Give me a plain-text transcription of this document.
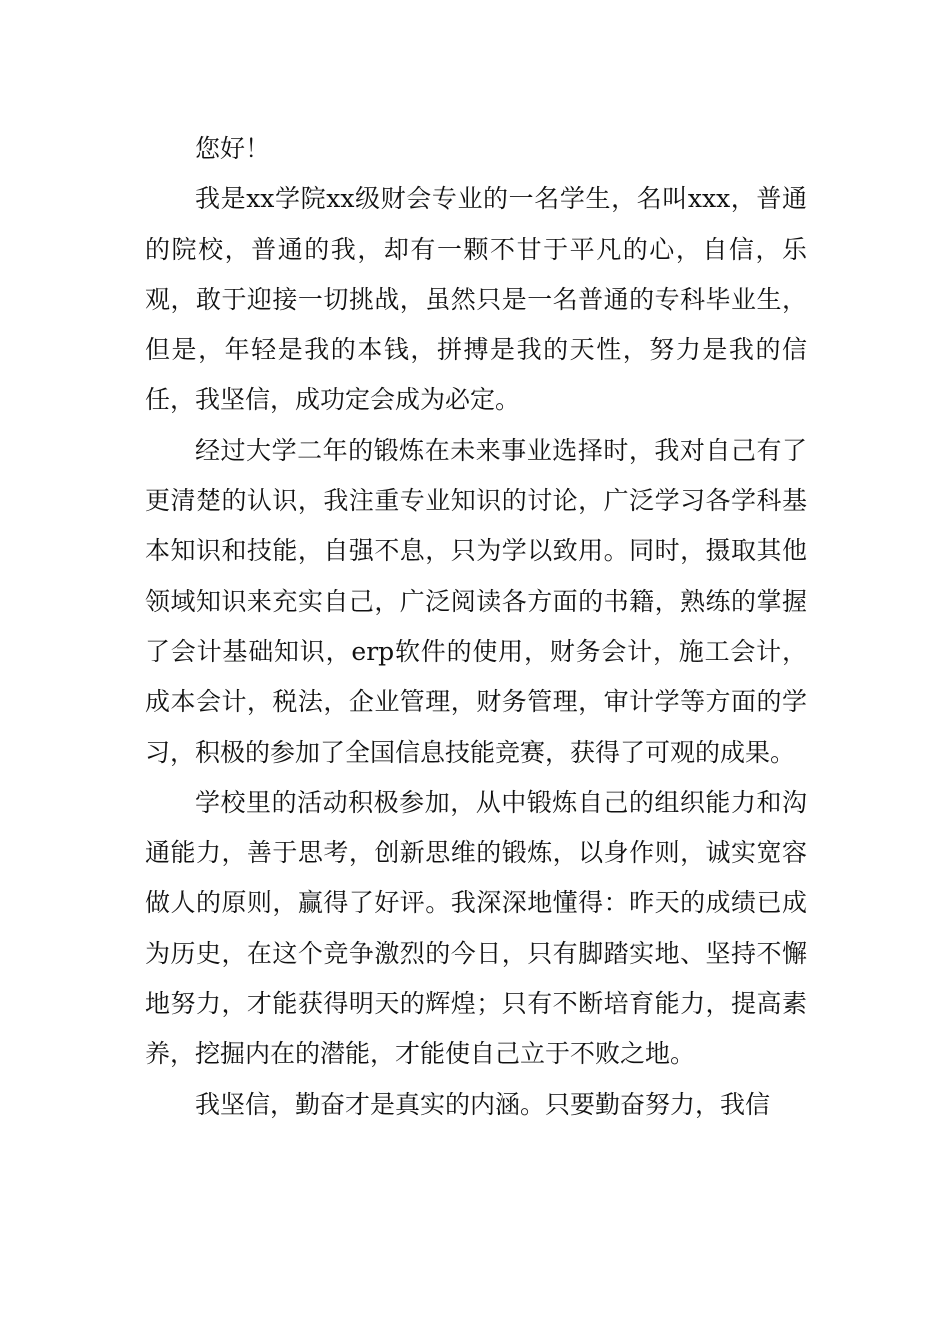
您好！

我是xx学院xx级财会专业的一名学生，名叫xxx，普通的院校，普通的我，却有一颗不甘于平凡的心，自信，乐观，敢于迎接一切挑战，虽然只是一名普通的专科毕业生，但是，年轻是我的本钱，拼搏是我的天性，努力是我的信任，我坚信，成功定会成为必定。

经过大学二年的锻炼在未来事业选择时，我对自己有了更清楚的认识，我注重专业知识的讨论，广泛学习各学科基本知识和技能，自强不息，只为学以致用。同时，摄取其他领域知识来充实自己，广泛阅读各方面的书籍，熟练的掌握了会计基础知识，erp软件的使用，财务会计，施工会计，成本会计，税法，企业管理，财务管理，审计学等方面的学习，积极的参加了全国信息技能竞赛，获得了可观的成果。

学校里的活动积极参加，从中锻炼自己的组织能力和沟通能力，善于思考，创新思维的锻炼，以身作则，诚实宽容做人的原则，赢得了好评。我深深地懂得：昨天的成绩已成为历史，在这个竞争激烈的今日，只有脚踏实地、坚持不懈地努力，才能获得明天的辉煌；只有不断培育能力，提高素养，挖掘内在的潜能，才能使自己立于不败之地。

我坚信，勤奋才是真实的内涵。只要勤奋努力，我信
